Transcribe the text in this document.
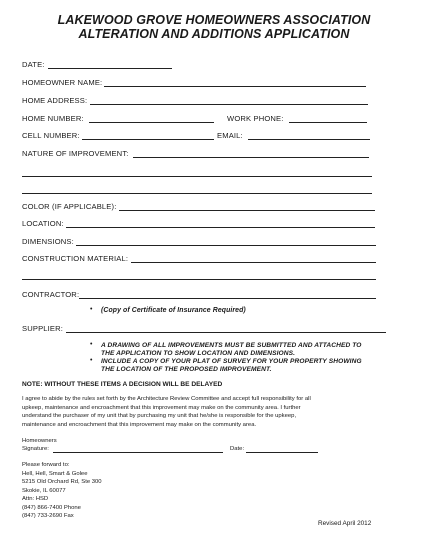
LAKEWOOD GROVE HOMEOWNERS ASSOCIATION
ALTERATION AND ADDITIONS APPLICATION
DATE:
HOMEOWNER NAME:
HOME ADDRESS:
HOME NUMBER:	WORK PHONE:
CELL NUMBER:	EMAIL:
NATURE OF IMPROVEMENT:
COLOR (IF APPLICABLE):
LOCATION:
DIMENSIONS:
CONSTRUCTION MATERIAL:
CONTRACTOR:
• (Copy of Certificate of Insurance Required)
SUPPLIER:
• A DRAWING OF ALL IMPROVEMENTS MUST BE SUBMITTED AND ATTACHED TO
THE APPLICATION TO SHOW LOCATION AND DIMENSIONS.
• INCLUDE A COPY OF YOUR PLAT OF SURVEY FOR YOUR PROPERTY SHOWING
THE LOCATION OF THE PROPOSED IMPROVEMENT.
NOTE: WITHOUT THESE ITEMS A DECISION WILL BE DELAYED
I agree to abide by the rules set forth by the Architecture Review Committee and accept full responsibility for all
upkeep, maintenance and encroachment that this improvement may make on the community area. I further
understand the purchaser of my unit that by purchasing my unit that he/she is responsible for the upkeep,
maintenance and encroachment that this improvement may make on the community area.
Homeowners
Signature:	Date:
Please forward to:
Hell, Hell, Smart & Golee
5215 Old Orchard Rd, Ste 300
Skokie, IL 60077
Attn: HSD
(847) 866-7400 Phone
(847) 733-2690 Fax
Revised April 2012
